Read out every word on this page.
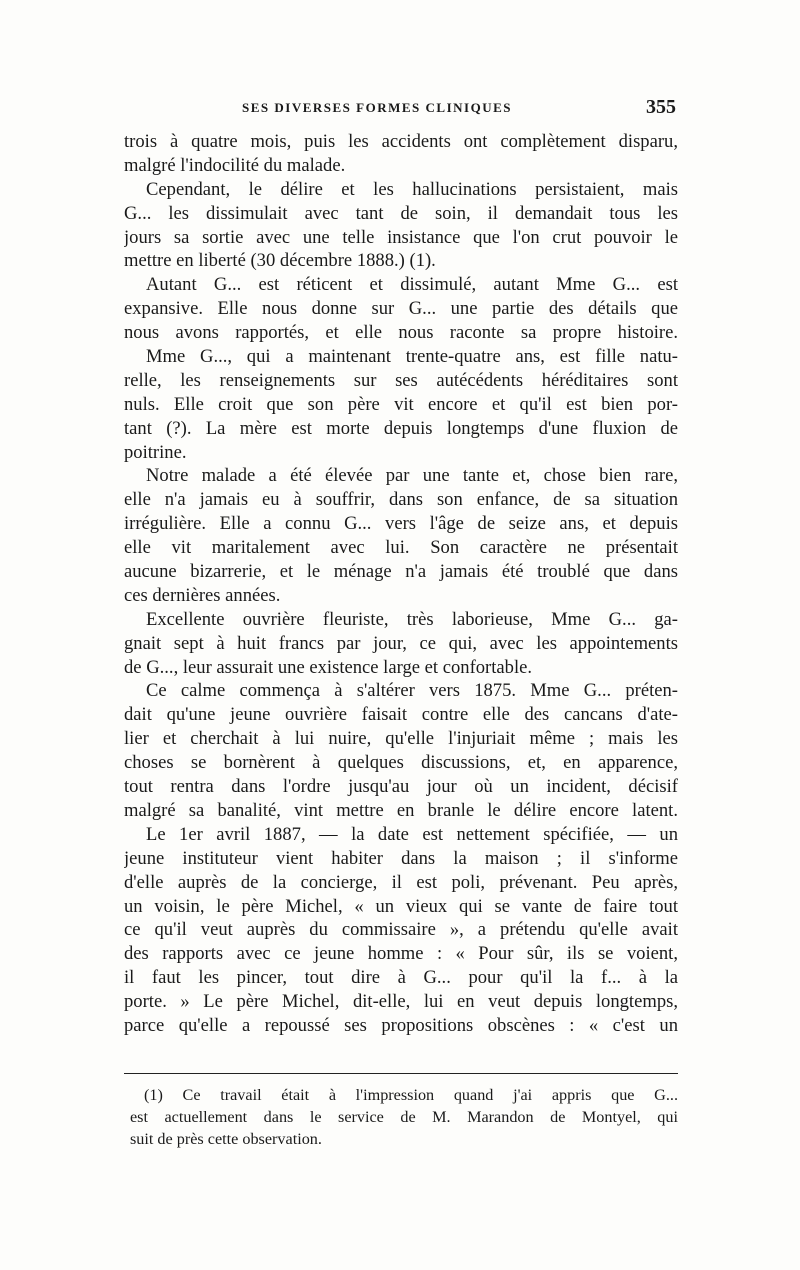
SES DIVERSES FORMES CLINIQUES	355
trois à quatre mois, puis les accidents ont complètement disparu,
malgré l'indocilité du malade.
Cependant, le délire et les hallucinations persistaient, mais
G... les dissimulait avec tant de soin, il demandait tous les
jours sa sortie avec une telle insistance que l'on crut pouvoir le
mettre en liberté (30 décembre 1888.) (1).
Autant G... est réticent et dissimulé, autant Mme G... est
expansive. Elle nous donne sur G... une partie des détails que
nous avons rapportés, et elle nous raconte sa propre histoire.
Mme G..., qui a maintenant trente-quatre ans, est fille natu-
relle, les renseignements sur ses autécédents héréditaires sont
nuls. Elle croit que son père vit encore et qu'il est bien por-
tant (?). La mère est morte depuis longtemps d'une fluxion de
poitrine.
Notre malade a été élevée par une tante et, chose bien rare,
elle n'a jamais eu à souffrir, dans son enfance, de sa situation
irrégulière. Elle a connu G... vers l'âge de seize ans, et depuis
elle vit maritalement avec lui. Son caractère ne présentait
aucune bizarrerie, et le ménage n'a jamais été troublé que dans
ces dernières années.
Excellente ouvrière fleuriste, très laborieuse, Mme G... ga-
gnait sept à huit francs par jour, ce qui, avec les appointements
de G..., leur assurait une existence large et confortable.
Ce calme commença à s'altérer vers 1875. Mme G... préten-
dait qu'une jeune ouvrière faisait contre elle des cancans d'ate-
lier et cherchait à lui nuire, qu'elle l'injuriait même ; mais les
choses se bornèrent à quelques discussions, et, en apparence,
tout rentra dans l'ordre jusqu'au jour où un incident, décisif
malgré sa banalité, vint mettre en branle le délire encore latent.
Le 1er avril 1887, — la date est nettement spécifiée, — un
jeune instituteur vient habiter dans la maison ; il s'informe
d'elle auprès de la concierge, il est poli, prévenant. Peu après,
un voisin, le père Michel, « un vieux qui se vante de faire tout
ce qu'il veut auprès du commissaire », a prétendu qu'elle avait
des rapports avec ce jeune homme : « Pour sûr, ils se voient,
il faut les pincer, tout dire à G... pour qu'il la f... à la
porte. » Le père Michel, dit-elle, lui en veut depuis longtemps,
parce qu'elle a repoussé ses propositions obscènes : « c'est un
(1) Ce travail était à l'impression quand j'ai appris que G...
est actuellement dans le service de M. Marandon de Montyel, qui
suit de près cette observation.
